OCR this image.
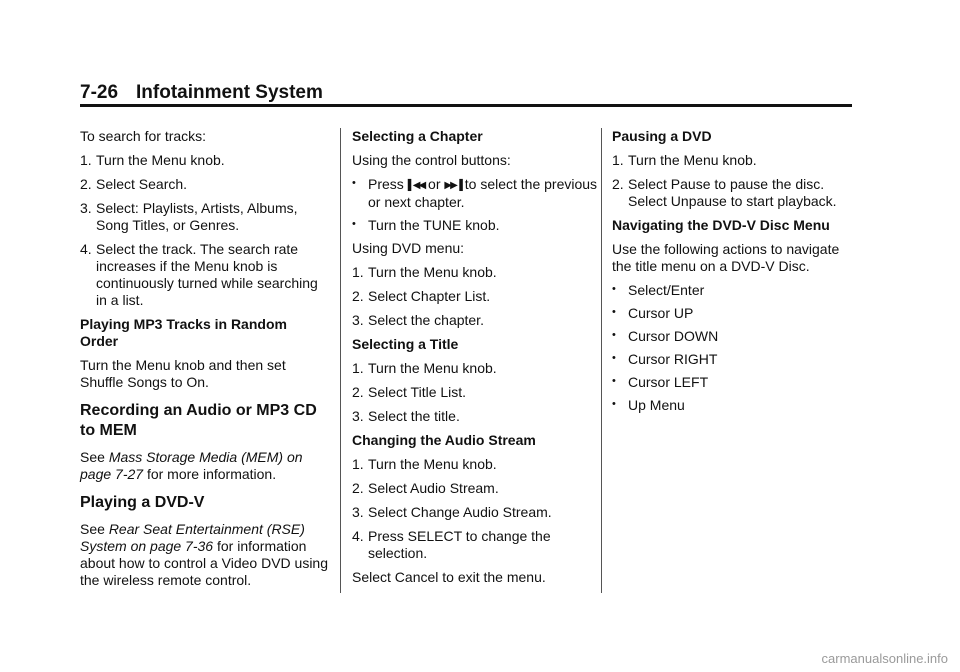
7-26 Infotainment System

To search for tracks:

1. Turn the Menu knob.
2. Select Search.
3. Select: Playlists, Artists, Albums, Song Titles, or Genres.
4. Select the track. The search rate increases if the Menu knob is continuously turned while searching in a list.
Playing MP3 Tracks in Random Order

Turn the Menu knob and then set Shuffle Songs to On.

Recording an Audio or MP3 CD to MEM

See Mass Storage Media (MEM) on page 7-27 for more information.

Playing a DVD-V

See Rear Seat Entertainment (RSE) System on page 7-36 for information about how to control a Video DVD using the wireless remote control.

Selecting a Chapter

Using the control buttons:

• Press ▌◀◀ or ▶▶▐ to select the previous or next chapter.
• Turn the TUNE knob.

Using DVD menu:

1. Turn the Menu knob.
2. Select Chapter List.
3. Select the chapter.
Selecting a Title
1. Turn the Menu knob.
2. Select Title List.
3. Select the title.
Changing the Audio Stream
1. Turn the Menu knob.
2. Select Audio Stream.
3. Select Change Audio Stream.
4. Press SELECT to change the selection.

Select Cancel to exit the menu.

Pausing a DVD
1. Turn the Menu knob.
2. Select Pause to pause the disc. Select Unpause to start playback.
Navigating the DVD-V Disc Menu

Use the following actions to navigate the title menu on a DVD-V Disc.

• Select/Enter
• Cursor UP
• Cursor DOWN
• Cursor RIGHT
• Cursor LEFT
• Up Menu
carmanualsonline.info
